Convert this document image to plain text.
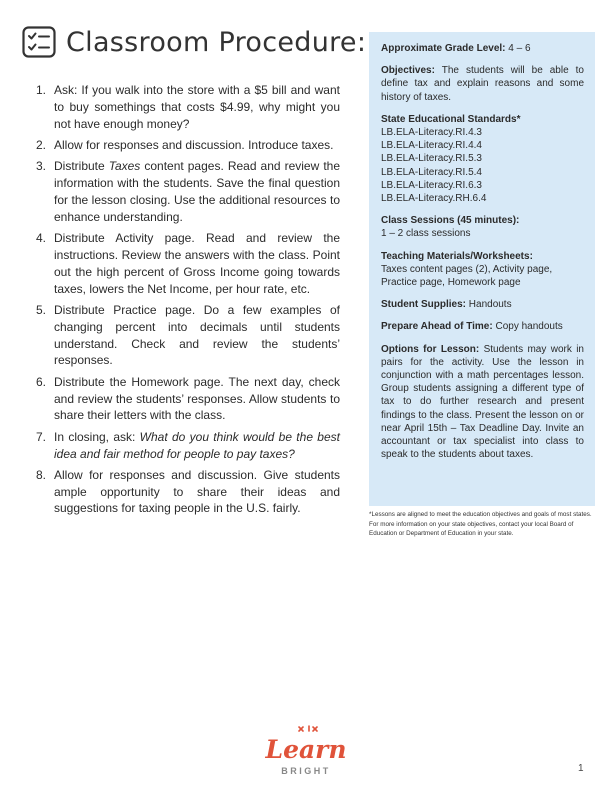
Classroom Procedure:
1. Ask: If you walk into the store with a $5 bill and want to buy somethings that costs $4.99, why might you not have enough money?
2. Allow for responses and discussion. Introduce taxes.
3. Distribute Taxes content pages. Read and review the information with the students. Save the final question for the lesson closing. Use the additional resources to enhance understanding.
4. Distribute Activity page. Read and review the instructions. Review the answers with the class. Point out the high percent of Gross Income going towards taxes, lowers the Net Income, per hour rate, etc.
5. Distribute Practice page. Do a few examples of changing percent into decimals until students understand. Check and review the students’ responses.
6. Distribute the Homework page. The next day, check and review the students’ responses. Allow students to share their letters with the class.
7. In closing, ask: What do you think would be the best idea and fair method for people to pay taxes?
8. Allow for responses and discussion. Give students ample opportunity to share their ideas and suggestions for taxing people in the U.S. fairly.
Approximate Grade Level: 4 – 6
Objectives: The students will be able to define tax and explain reasons and some history of taxes.
State Educational Standards*
LB.ELA-Literacy.RI.4.3
LB.ELA-Literacy.RI.4.4
LB.ELA-Literacy.RI.5.3
LB.ELA-Literacy.RI.5.4
LB.ELA-Literacy.RI.6.3
LB.ELA-Literacy.RH.6.4
Class Sessions (45 minutes):
1 – 2 class sessions
Teaching Materials/Worksheets:
Taxes content pages (2), Activity page, Practice page, Homework page
Student Supplies: Handouts
Prepare Ahead of Time: Copy handouts
Options for Lesson: Students may work in pairs for the activity. Use the lesson in conjunction with a math percentages lesson. Group students assigning a different type of tax to do further research and present findings to the class. Present the lesson on or near April 15th – Tax Deadline Day. Invite an accountant or tax specialist into class to speak to the students about taxes.
*Lessons are aligned to meet the education objectives and goals of most states. For more information on your state objectives, contact your local Board of Education or Department of Education in your state.
Learn
BRIGHT	1
